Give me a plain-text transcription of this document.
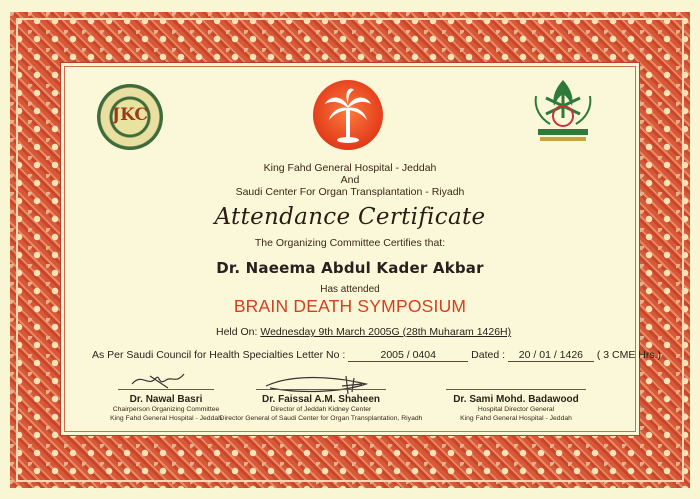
JKC
King Fahd General Hospital - Jeddah
And
Saudi Center For Organ Transplantation - Riyadh
Attendance Certificate
The Organizing Committee Certifies that:
Dr. Naeema Abdul Kader Akbar
Has attended
BRAIN DEATH SYMPOSIUM
Held On: Wednesday 9th March 2005G (28th Muharam 1426H)
As Per Saudi Council for Health Specialties Letter No :	2005 / 0404	Dated : 20 / 01 / 1426 ( 3 CME Hrs.)
Dr. Nawal Basri
Chairperson Organizing Committee
King Fahd General Hospital - Jeddah
Dr. Faissal A.M. Shaheen
Director of Jeddah Kidney Center
Director General of Saudi Center for Organ Transplantation, Riyadh
Dr. Sami Mohd. Badawood
Hospital Director General
King Fahd General Hospital - Jeddah
